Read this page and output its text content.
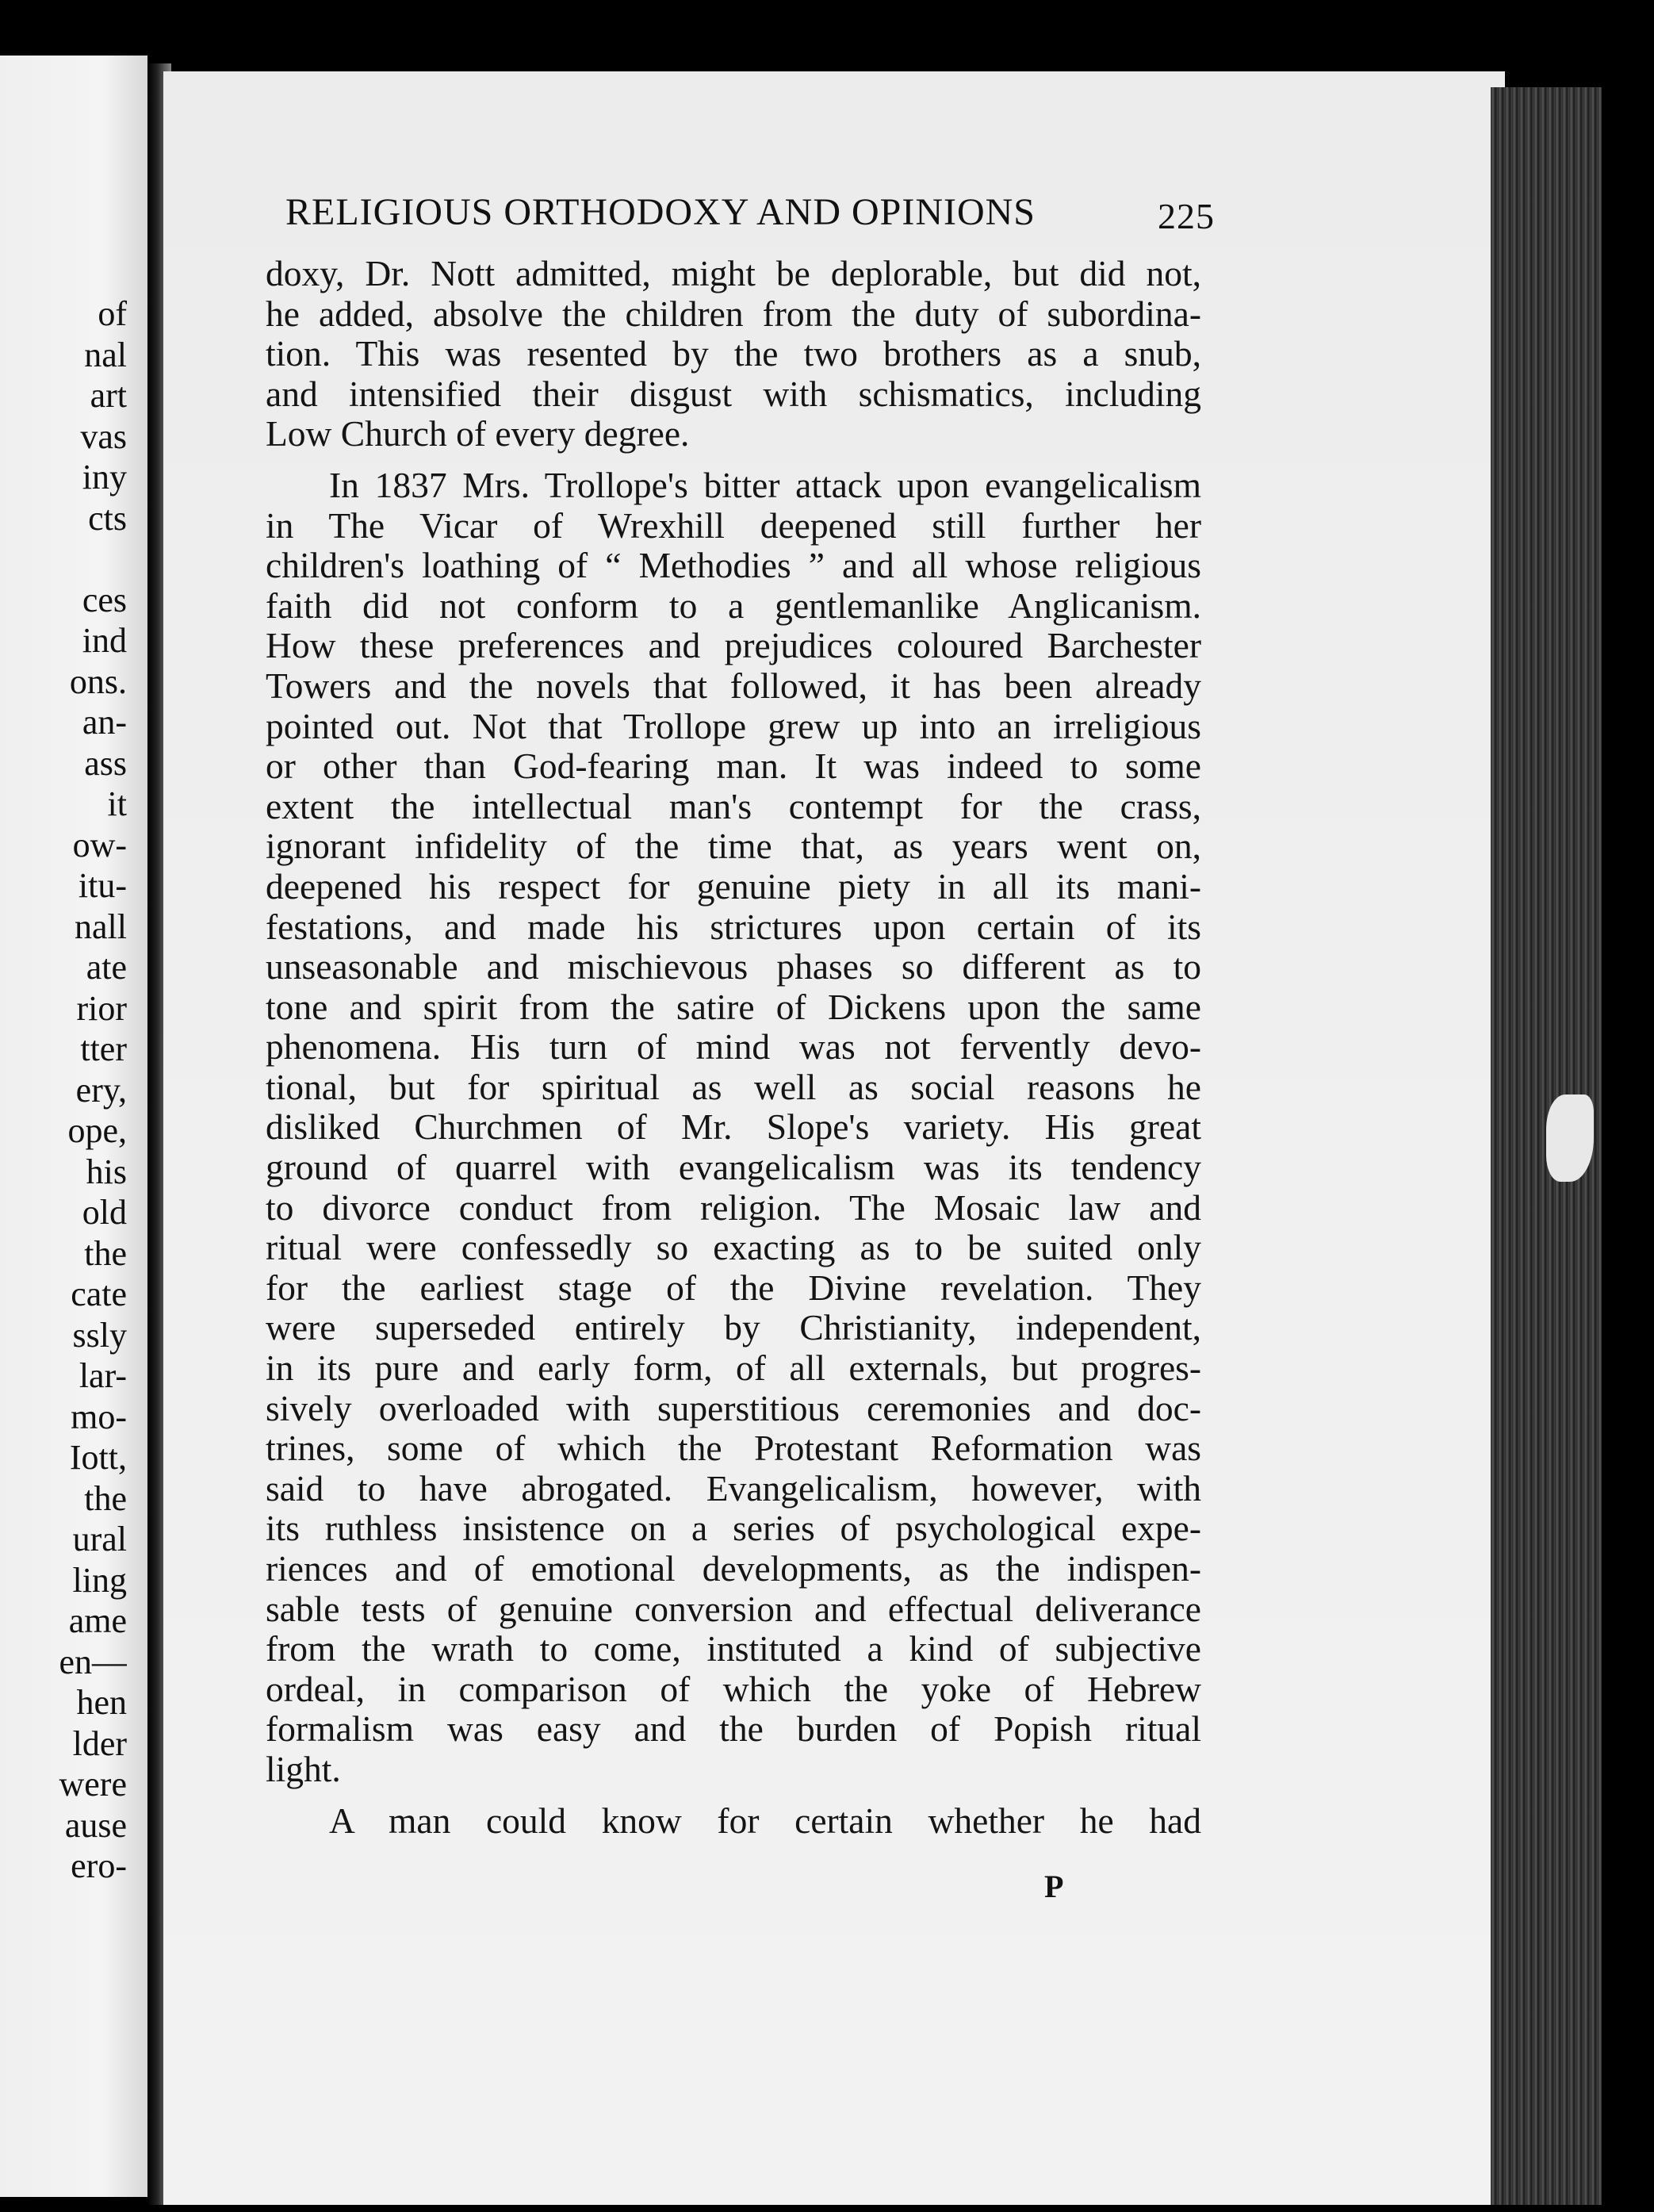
of
nal
art
vas
iny
cts
ces
ind
ons.
an-
ass
it
ow-
itu-
nall
ate
rior
tter
ery,
ope,
his
old
the
cate
ssly
lar-
mo-
Iott,
the
ural
ling
ame
en—
hen
lder
were
ause
ero-
RELIGIOUS ORTHODOXY AND OPINIONS	225
doxy, Dr. Nott admitted, might be deplorable, but did not,
he added, absolve the children from the duty of subordina-
tion. This was resented by the two brothers as a snub,
and intensified their disgust with schismatics, including
Low Church of every degree.
In 1837 Mrs. Trollope's bitter attack upon evangelicalism
in The Vicar of Wrexhill deepened still further her
children's loathing of “ Methodies ” and all whose religious
faith did not conform to a gentlemanlike Anglicanism.
How these preferences and prejudices coloured Barchester
Towers and the novels that followed, it has been already
pointed out. Not that Trollope grew up into an irreligious
or other than God-fearing man. It was indeed to some
extent the intellectual man's contempt for the crass,
ignorant infidelity of the time that, as years went on,
deepened his respect for genuine piety in all its mani-
festations, and made his strictures upon certain of its
unseasonable and mischievous phases so different as to
tone and spirit from the satire of Dickens upon the same
phenomena. His turn of mind was not fervently devo-
tional, but for spiritual as well as social reasons he
disliked Churchmen of Mr. Slope's variety. His great
ground of quarrel with evangelicalism was its tendency
to divorce conduct from religion. The Mosaic law and
ritual were confessedly so exacting as to be suited only
for the earliest stage of the Divine revelation. They
were superseded entirely by Christianity, independent,
in its pure and early form, of all externals, but progres-
sively overloaded with superstitious ceremonies and doc-
trines, some of which the Protestant Reformation was
said to have abrogated. Evangelicalism, however, with
its ruthless insistence on a series of psychological expe-
riences and of emotional developments, as the indispen-
sable tests of genuine conversion and effectual deliverance
from the wrath to come, instituted a kind of subjective
ordeal, in comparison of which the yoke of Hebrew
formalism was easy and the burden of Popish ritual
light.
A man could know for certain whether he had
P
